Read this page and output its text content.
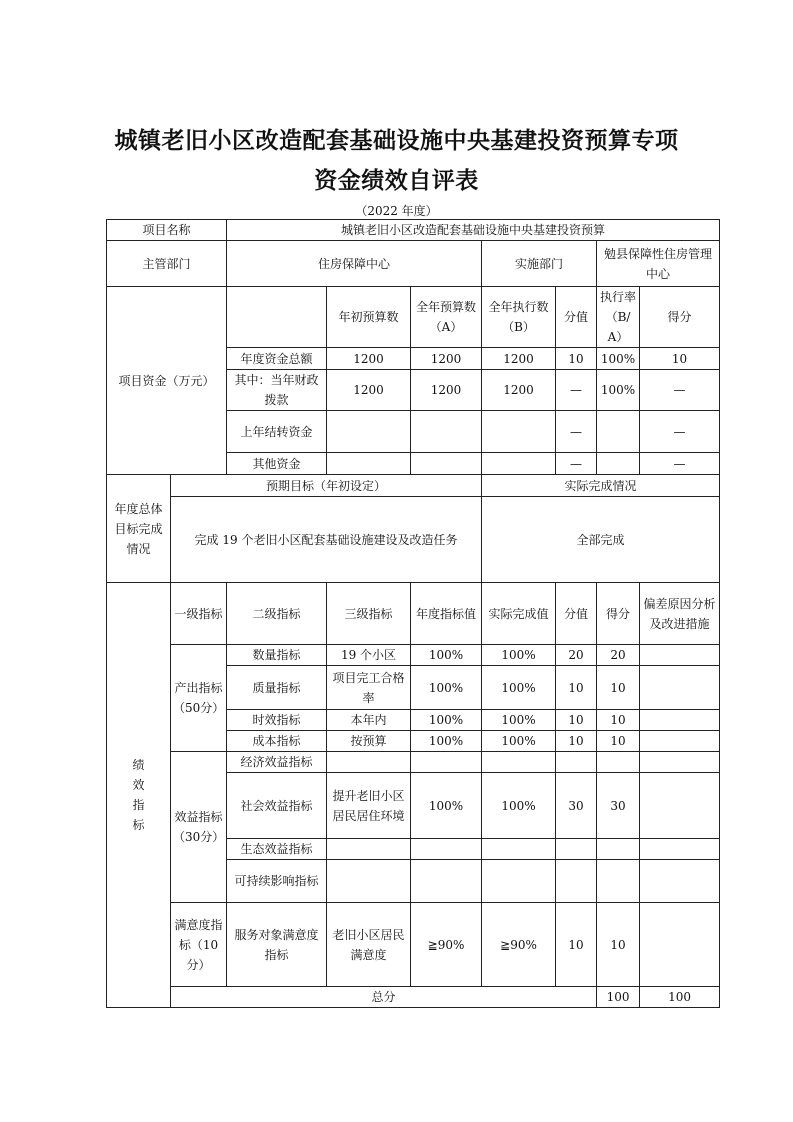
城镇老旧小区改造配套基础设施中央基建投资预算专项
资金绩效自评表
（2022 年度）
项目名称		城镇老旧小区改造配套基础设施中央基建投资预算							
主管部门		住房保障中心			实施部门		勉县保障性住房管理中心		
项目资金（万元）			年初预算数	全年预算数（A）	全年执行数（B）	分值	执行率（B/A）	得分	
		年度资金总额	1200	1200	1200	10	100%	10	
		其中：当年财政拨款	1200	1200	1200	—	100%	—	
		上年结转资金				—		—	
		其他资金				—		—	
年度总体目标完成情况	预期目标（年初设定）				实际完成情况				
	完成 19 个老旧小区配套基础设施建设及改造任务				全部完成				
绩效指标	一级指标	二级指标	三级指标	年度指标值	实际完成值	分值	得分	偏差原因分析及改进措施	
	产出指标（50分）	数量指标	19 个小区	100%	100%	20	20		
		质量指标	项目完工合格率	100%	100%	10	10		
		时效指标	本年内	100%	100%	10	10		
		成本指标	按预算	100%	100%	10	10		
	效益指标（30分）	经济效益指标							
		社会效益指标	提升老旧小区居民居住环境	100%	100%	30	30		
		生态效益指标							
		可持续影响指标							
	满意度指标（10分）	服务对象满意度指标	老旧小区居民满意度	≧90%	≧90%	10	10		
	总分						100	100	
